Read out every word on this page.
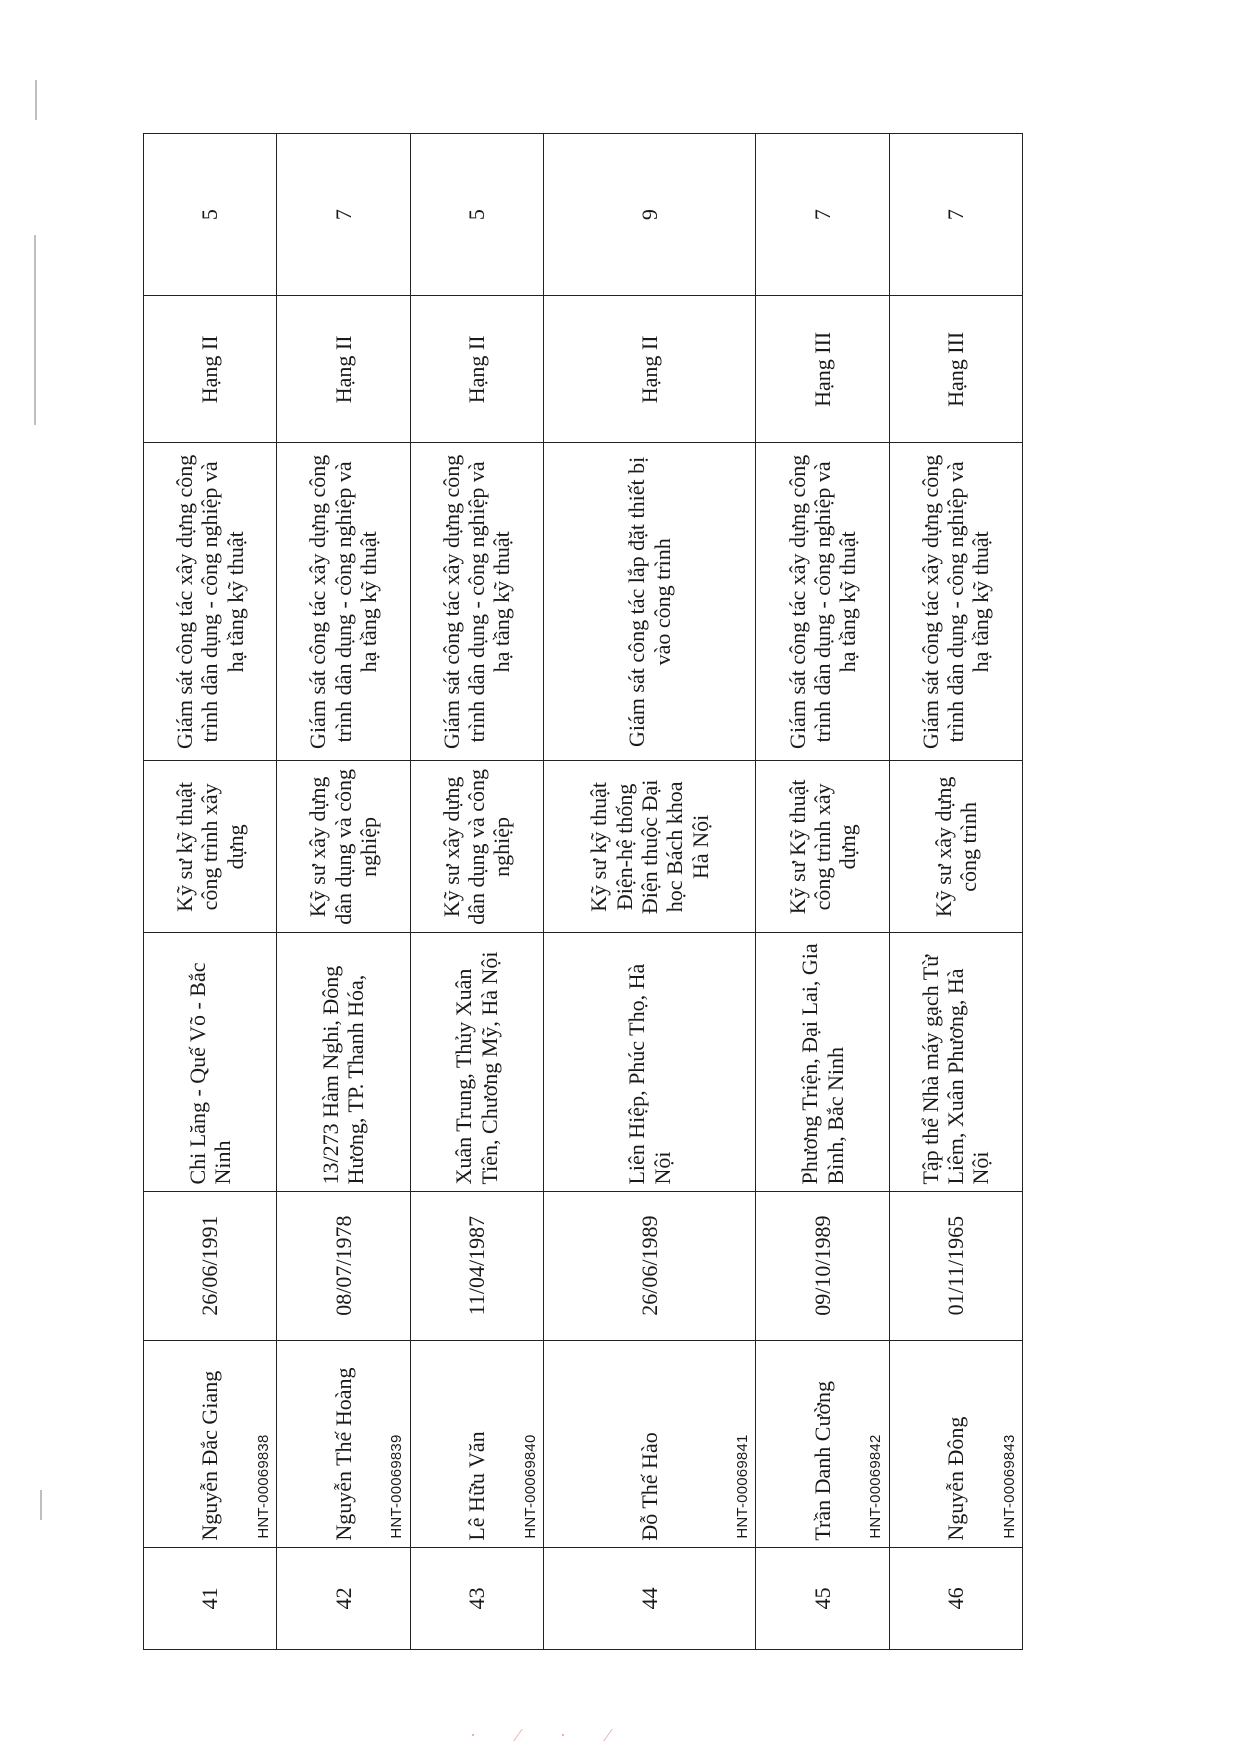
· ⁄ · ⁄
41	Nguyễn Đắc Giang HNT-00069838	26/06/1991	Chi Lăng - Quế Võ - Bắc Ninh	Kỹ sư kỹ thuật công trình xây dựng	Giám sát công tác xây dựng công trình dân dụng - công nghiệp và hạ tầng kỹ thuật	Hạng II	5
42	Nguyễn Thế Hoàng HNT-00069839	08/07/1978	13/273 Hàm Nghi, Đông Hương, TP. Thanh Hóa,	Kỹ sư xây dựng dân dụng và công nghiệp	Giám sát công tác xây dựng công trình dân dụng - công nghiệp và hạ tầng kỹ thuật	Hạng II	7
43	Lê Hữu Văn HNT-00069840	11/04/1987	Xuân Trung, Thủy Xuân Tiên, Chương Mỹ, Hà Nội	Kỹ sư xây dựng dân dụng và công nghiệp	Giám sát công tác xây dựng công trình dân dụng - công nghiệp và hạ tầng kỹ thuật	Hạng II	5
44	Đỗ Thế Hào HNT-00069841	26/06/1989	Liên Hiệp, Phúc Thọ, Hà Nội	Kỹ sư kỹ thuật Điện-hệ thống Điện thuộc Đại học Bách khoa Hà Nội	Giám sát công tác lắp đặt thiết bị vào công trình	Hạng II	9
45	Trần Danh Cường HNT-00069842	09/10/1989	Phương Triện, Đại Lai, Gia Bình, Bắc Ninh	Kỹ sư Kỹ thuật công trình xây dựng	Giám sát công tác xây dựng công trình dân dụng - công nghiệp và hạ tầng kỹ thuật	Hạng III	7
46	Nguyễn Đông HNT-00069843	01/11/1965	Tập thể Nhà máy gạch Từ Liêm, Xuân Phương, Hà Nội	Kỹ sư xây dựng công trình	Giám sát công tác xây dựng công trình dân dụng - công nghiệp và hạ tầng kỹ thuật	Hạng III	7
